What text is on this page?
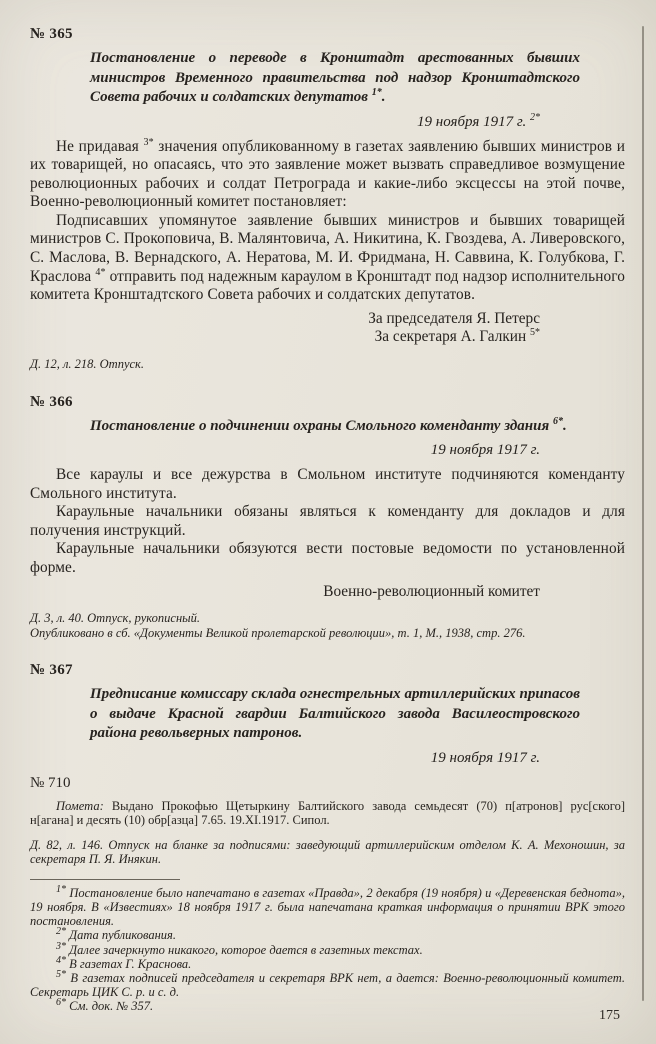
№ 365

Постановление о переводе в Кронштадт арестованных бывших министров Временного правительства под надзор Кронштадтского Совета рабочих и солдатских депутатов $^{1*}$.

19 ноября 1917 г. $^{2*}$

Не придавая $^{3*}$ значения опубликованному в газетах заявлению бывших министров и их товарищей, но опасаясь, что это заявление может вызвать справедливое возмущение революционных рабочих и солдат Петрограда и какие-либо эксцессы на этой почве, Военно-революционный комитет постановляет:

Подписавших упомянутое заявление бывших министров и бывших товарищей министров С. Прокоповича, В. Малянтовича, А. Никитина, К. Гвоздева, А. Ливеровского, С. Маслова, В. Вернадского, А. Нератова, М. И. Фридмана, Н. Саввина, К. Голубкова, Г. Краслова $^{4*}$ отправить под надежным караулом в Кронштадт под надзор исполнительного комитета Кронштадтского Совета рабочих и солдатских депутатов.

За председателя Я. Петерс

За секретаря А. Галкин $^{5*}$

Д. 12, л. 218. Отпуск.

№ 366

Постановление о подчинении охраны Смольного коменданту здания $^{6*}$.

19 ноября 1917 г.

Все караулы и все дежурства в Смольном институте подчиняются коменданту Смольного института.

Караульные начальники обязаны являться к коменданту для докладов и для получения инструкций.

Караульные начальники обязуются вести постовые ведомости по установленной форме.

Военно-революционный комитет

Д. 3, л. 40. Отпуск, рукописный.

Опубликовано в сб. «Документы Великой пролетарской революции», т. 1, М., 1938, стр. 276.

№ 367

Предписание комиссару склада огнестрельных артиллерийских припасов о выдаче Красной гвардии Балтийского завода Василеостровского района револьверных патронов.

19 ноября 1917 г.

№ 710

Помета: Выдано Прокофью Щетыркину Балтийского завода семьдесят (70) п[атронов] рус[ского] н[агана] и десять (10) обр[азца] 7.65. 19.XI.1917. Сипол.

Д. 82, л. 146. Отпуск на бланке за подписями: заведующий артиллерийским отделом К. А. Мехоношин, за секретаря П. Я. Инякин.

$^{1*}$ Постановление было напечатано в газетах «Правда», 2 декабря (19 ноября) и «Деревенская беднота», 19 ноября. В «Известиях» 18 ноября 1917 г. была напечатана краткая информация о принятии ВРК этого постановления.

$^{2*}$ Дата публикования.

$^{3*}$ Далее зачеркнуто никакого, которое дается в газетных текстах.

$^{4*}$ В газетах Г. Краснова.

$^{5*}$ В газетах подписей председателя и секретаря ВРК нет, а дается: Военно-революционный комитет. Секретарь ЦИК С. р. и с. д.

$^{6*}$ См. док. № 357.

175
